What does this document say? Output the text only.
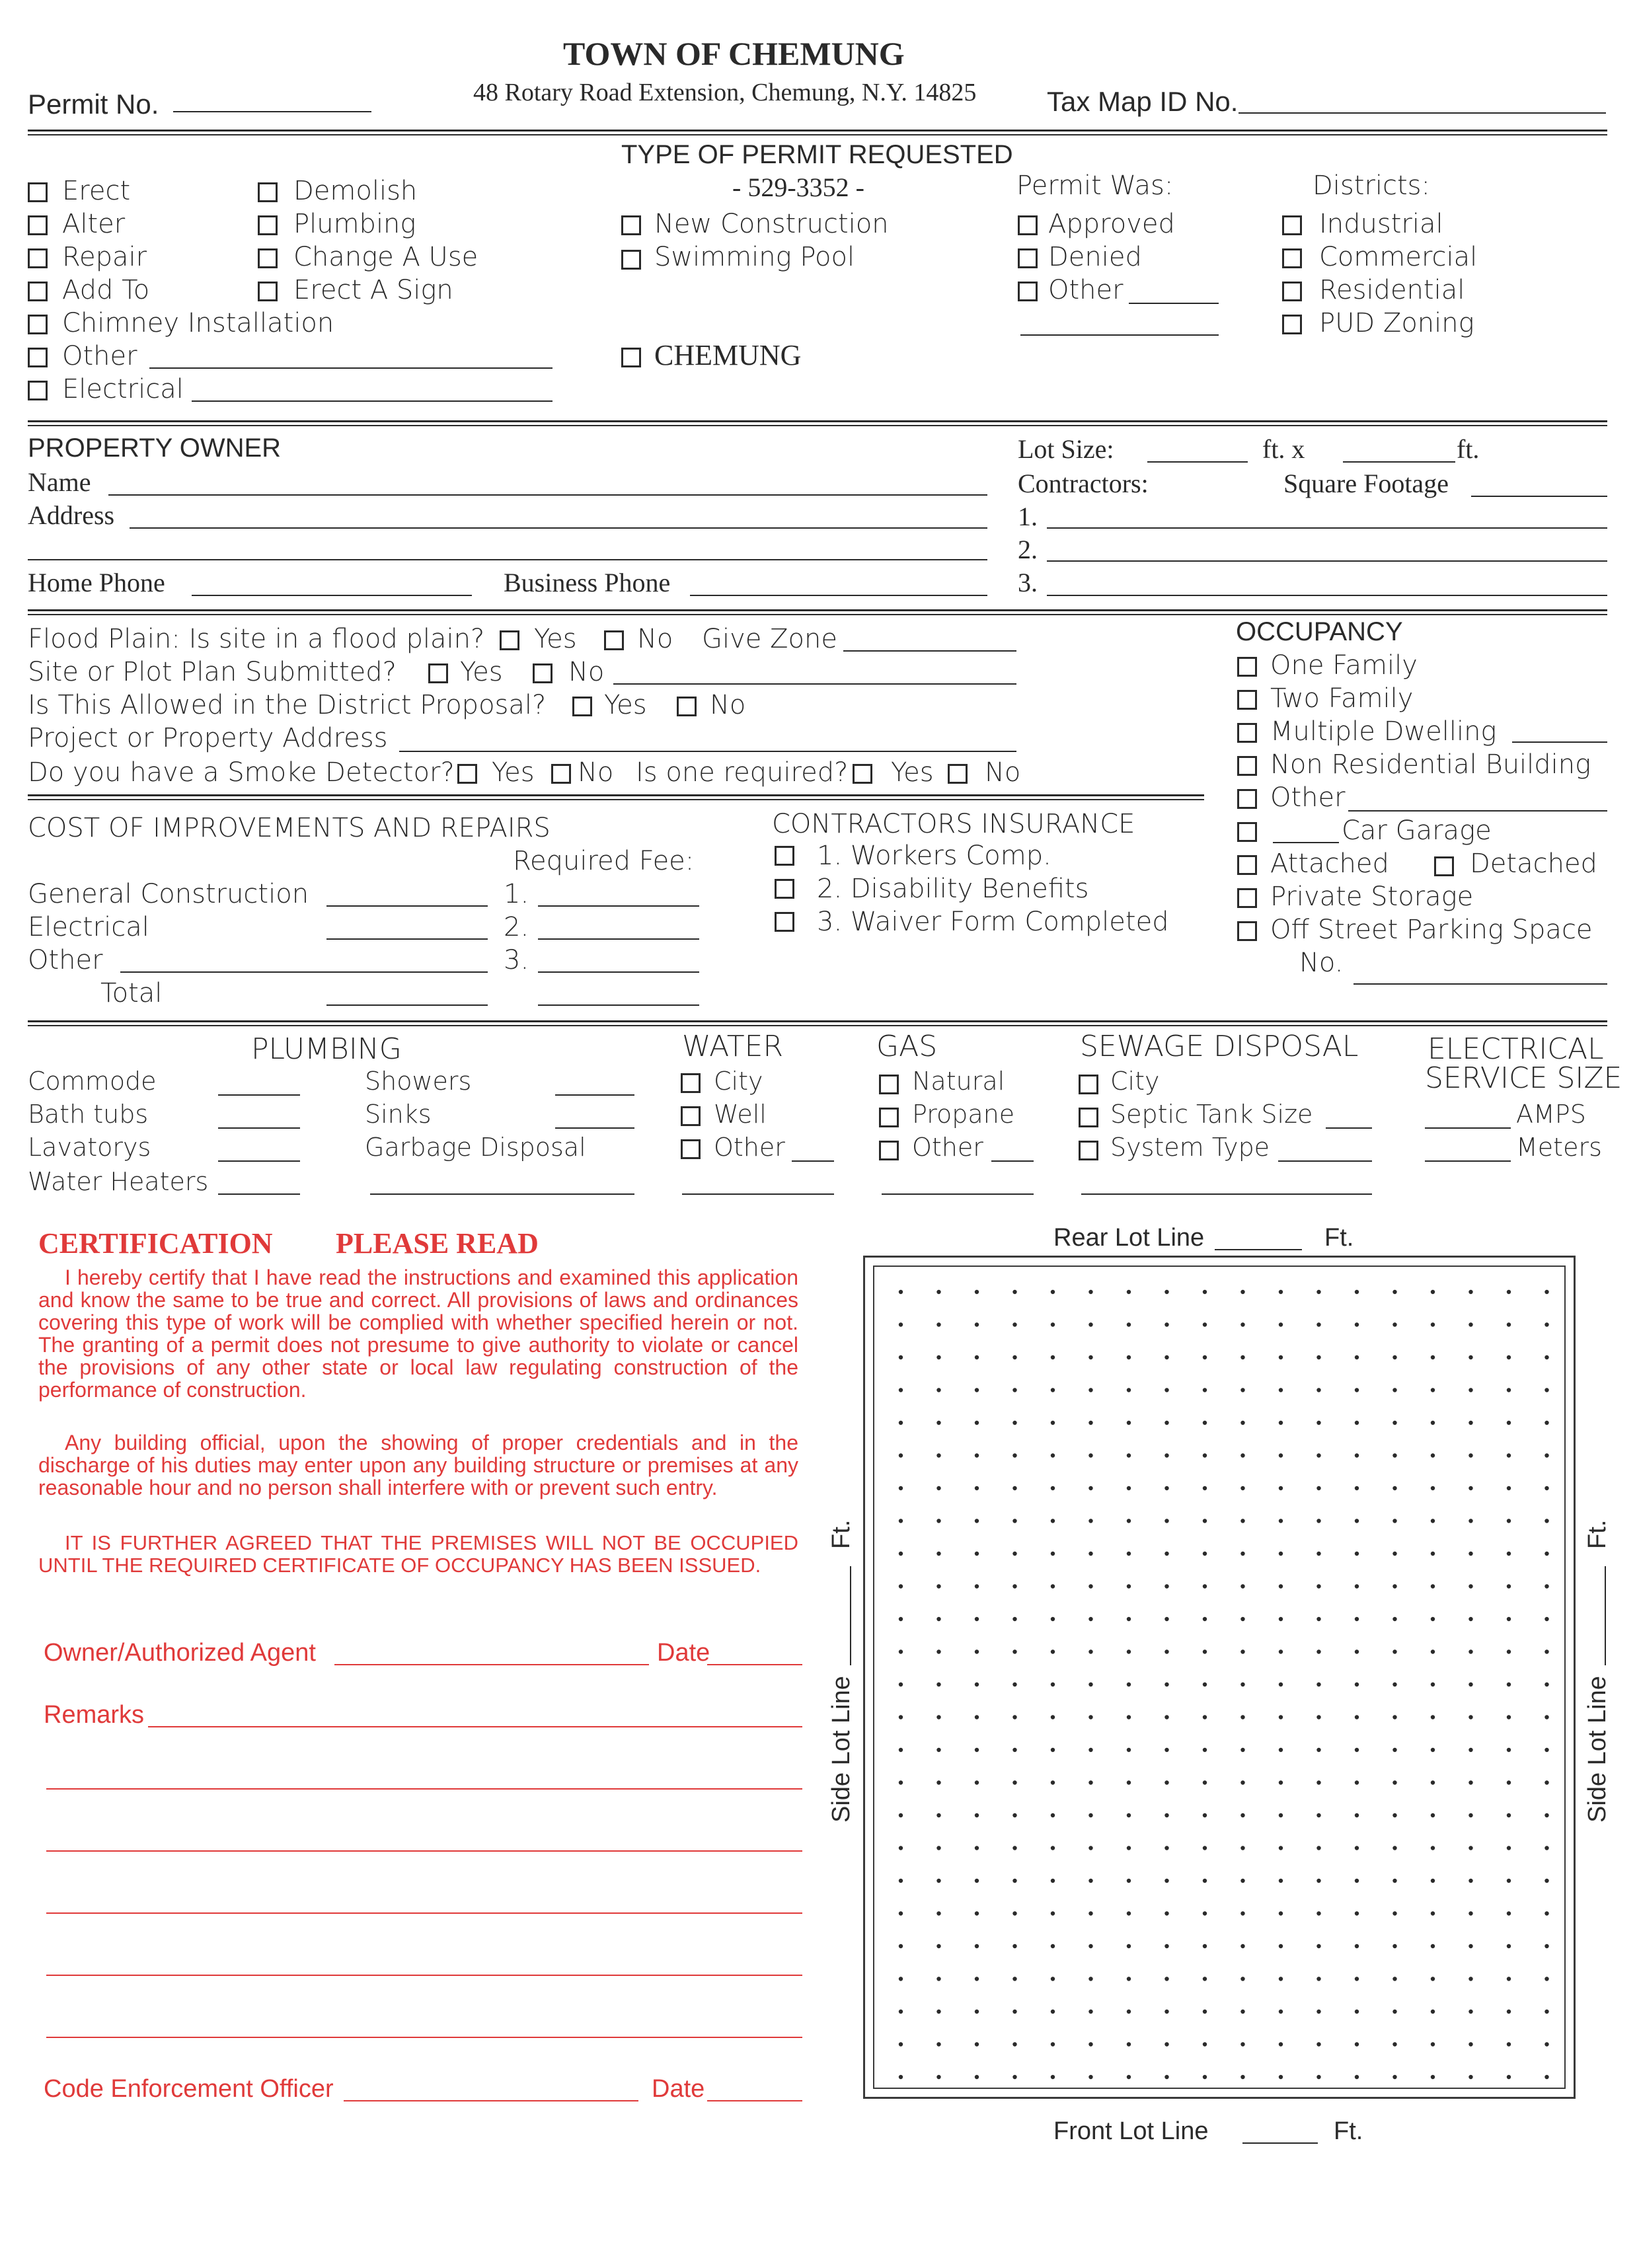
TOWN OF CHEMUNG
48 Rotary Road Extension, Chemung, N.Y. 14825
Permit No.	Tax Map ID No.
TYPE OF PERMIT REQUESTED
- 529-3352 -
Erect
Alter
Repair
Add To
Chimney Installation
Other
Electrical
Demolish
Plumbing
Change A Use
Erect A Sign
New Construction
Swimming Pool
CHEMUNG
Permit Was:
Approved
Denied
Other
Districts:
Industrial
Commercial
Residential
PUD Zoning
PROPERTY OWNER
Name
Address
Home Phone	Business Phone
Lot Size:	ft. x	ft.
Contractors:	Square Footage
1.
2.
3.
Flood Plain: Is site in a flood plain? Yes No Give Zone
Site or Plot Plan Submitted? Yes No
Is This Allowed in the District Proposal? Yes No
Project or Property Address
Do you have a Smoke Detector? Yes No Is one required? Yes No
OCCUPANCY
One Family
Two Family
Multiple Dwelling
Non Residential Building
Other
Car Garage
Attached	Detached
Private Storage
Off Street Parking Space
No.
COST OF IMPROVEMENTS AND REPAIRS
Required Fee:
General Construction	1.
Electrical	2.
Other	3.
Total
CONTRACTORS INSURANCE
1. Workers Comp.
2. Disability Benefits
3. Waiver Form Completed
PLUMBING
Commode
Bath tubs
Lavatorys
Water Heaters
Showers
Sinks
Garbage Disposal
WATER
City
Well
Other
GAS
Natural
Propane
Other
SEWAGE DISPOSAL
City
Septic Tank Size
System Type
ELECTRICAL
SERVICE SIZE
AMPS
Meters
CERTIFICATION PLEASE READ
I hereby certify that I have read the instructions and examined this application and know the same to be true and correct. All provisions of laws and ordinances covering this type of work will be complied with whether specified herein or not. The granting of a permit does not presume to give authority to violate or cancel the provisions of any other state or local law regulating construction of the performance of construction.
Any building official, upon the showing of proper credentials and in the discharge of his duties may enter upon any building structure or premises at any reasonable hour and no person shall interfere with or prevent such entry.
IT IS FURTHER AGREED THAT THE PREMISES WILL NOT BE OCCUPIED UNTIL THE REQUIRED CERTIFICATE OF OCCUPANCY HAS BEEN ISSUED.
Owner/Authorized Agent	Date
Remarks
Code Enforcement Officer	Date
Rear Lot Line	Ft.
Side Lot Line
Ft.
Side Lot Line
Ft.
Front Lot Line	Ft.
